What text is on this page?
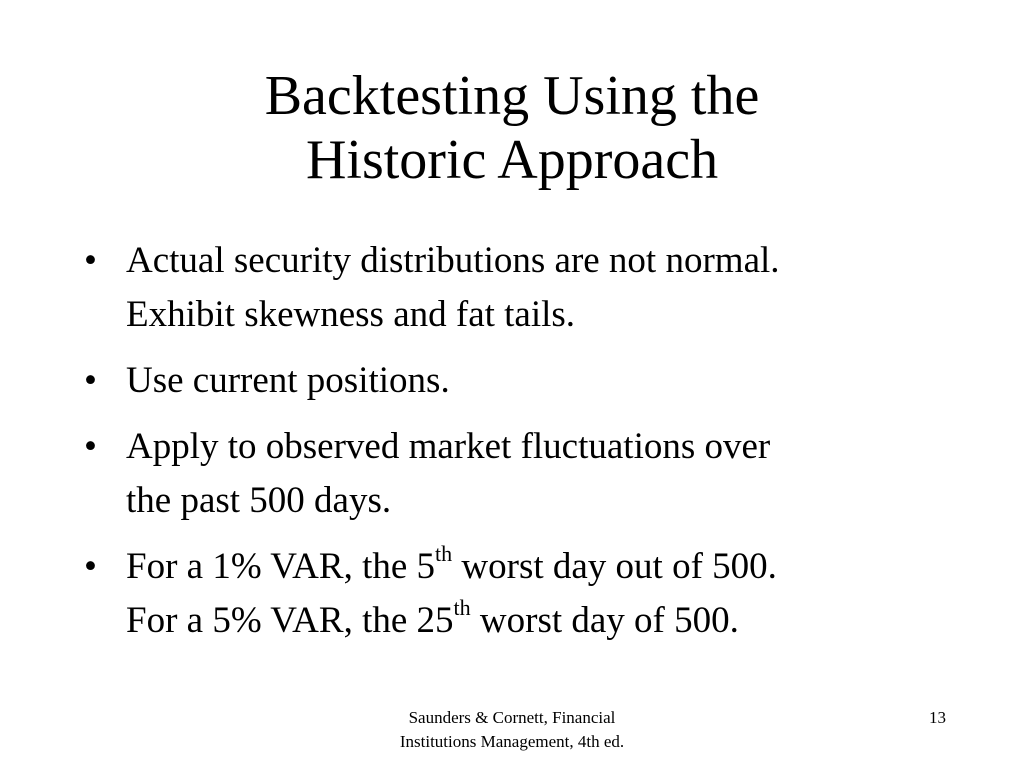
Backtesting Using the
Historic Approach
• Actual security distributions are not normal.
Exhibit skewness and fat tails.
• Use current positions.
• Apply to observed market fluctuations over
the past 500 days.
• For a 1% VAR, the 5th worst day out of 500.
For a 5% VAR, the 25th worst day of 500.
Saunders & Cornett, Financial
Institutions Management, 4th ed.
13
